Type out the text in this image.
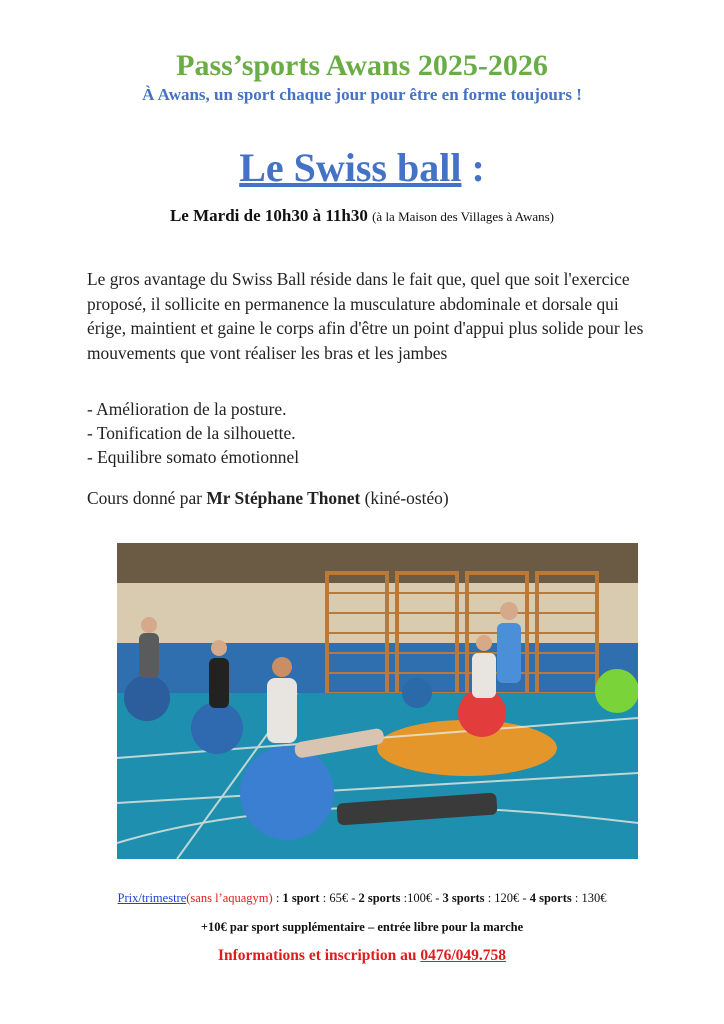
Pass’sports Awans 2025-2026
À Awans, un sport chaque jour pour être en forme toujours !
Le Swiss ball :
Le Mardi de 10h30 à 11h30 (à la Maison des Villages à Awans)
Le gros avantage du Swiss Ball réside dans le fait que, quel que soit l'exercice proposé, il sollicite en permanence la musculature abdominale et dorsale qui érige, maintient et gaine le corps afin d'être un point d'appui plus solide pour les mouvements que vont réaliser les bras et les jambes
- Amélioration de la posture.
- Tonification de la silhouette.
- Equilibre somato émotionnel
Cours donné par Mr Stéphane Thonet (kiné-ostéo)
Prix/trimestre(sans l’aquagym) : 1 sport : 65€ - 2 sports :100€ - 3 sports : 120€ - 4 sports : 130€
+10€ par sport supplémentaire – entrée libre pour la marche
Informations et inscription au 0476/049.758
